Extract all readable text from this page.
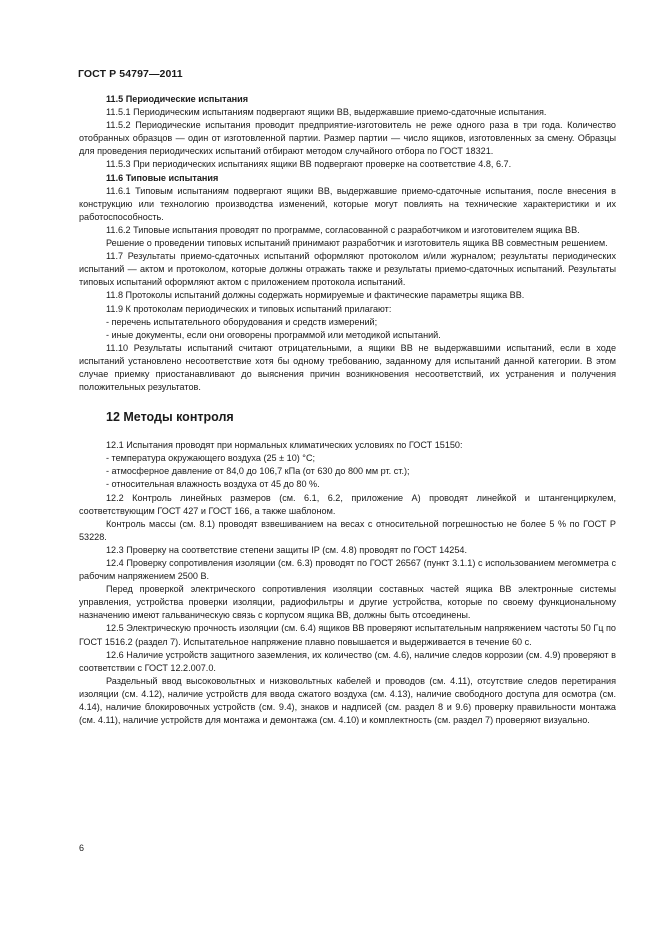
ГОСТ Р 54797—2011
11.5 Периодические испытания
11.5.1 Периодическим испытаниям подвергают ящики ВВ, выдержавшие приемо-сдаточные испытания.
11.5.2 Периодические испытания проводит предприятие-изготовитель не реже одного раза в три года. Количество отобранных образцов — один от изготовленной партии. Размер партии — число ящиков, изготовленных за смену. Образцы для проведения периодических испытаний отбирают методом случайного отбора по ГОСТ 18321.
11.5.3 При периодических испытаниях ящики ВВ подвергают проверке на соответствие 4.8, 6.7.
11.6 Типовые испытания
11.6.1 Типовым испытаниям подвергают ящики ВВ, выдержавшие приемо-сдаточные испытания, после внесения в конструкцию или технологию производства изменений, которые могут повлиять на технические характеристики и их работоспособность.
11.6.2 Типовые испытания проводят по программе, согласованной с разработчиком и изготовителем ящика ВВ.
Решение о проведении типовых испытаний принимают разработчик и изготовитель ящика ВВ совместным решением.
11.7 Результаты приемо-сдаточных испытаний оформляют протоколом и/или журналом; результаты периодических испытаний — актом и протоколом, которые должны отражать также и результаты приемо-сдаточных испытаний. Результаты типовых испытаний оформляют актом с приложением протокола испытаний.
11.8 Протоколы испытаний должны содержать нормируемые и фактические параметры ящика ВВ.
11.9 К протоколам периодических и типовых испытаний прилагают:
- перечень испытательного оборудования и средств измерений;
- иные документы, если они оговорены программой или методикой испытаний.
11.10 Результаты испытаний считают отрицательными, а ящики ВВ не выдержавшими испытаний, если в ходе испытаний установлено несоответствие хотя бы одному требованию, заданному для испытаний данной категории. В этом случае приемку приостанавливают до выяснения причин возникновения несоответствий, их устранения и получения положительных результатов.
12 Методы контроля
12.1 Испытания проводят при нормальных климатических условиях по ГОСТ 15150:
- температура окружающего воздуха (25 ± 10) °С;
- атмосферное давление от 84,0 до 106,7 кПа (от 630 до 800 мм рт. ст.);
- относительная влажность воздуха от 45 до 80 %.
12.2 Контроль линейных размеров (см. 6.1, 6.2, приложение А) проводят линейкой и штангенциркулем, соответствующим ГОСТ 427 и ГОСТ 166, а также шаблоном.
Контроль массы (см. 8.1) проводят взвешиванием на весах с относительной погрешностью не более 5 % по ГОСТ Р 53228.
12.3 Проверку на соответствие степени защиты IP (см. 4.8) проводят по ГОСТ 14254.
12.4 Проверку сопротивления изоляции (см. 6.3) проводят по ГОСТ 26567 (пункт 3.1.1) с использованием мегомметра с рабочим напряжением 2500 В.
Перед проверкой электрического сопротивления изоляции составных частей ящика ВВ электронные системы управления, устройства проверки изоляции, радиофильтры и другие устройства, которые по своему функциональному назначению имеют гальваническую связь с корпусом ящика ВВ, должны быть отсоединены.
12.5 Электрическую прочность изоляции (см. 6.4) ящиков ВВ проверяют испытательным напряжением частоты 50 Гц по ГОСТ 1516.2 (раздел 7). Испытательное напряжение плавно повышается и выдерживается в течение 60 с.
12.6 Наличие устройств защитного заземления, их количество (см. 4.6), наличие следов коррозии (см. 4.9) проверяют в соответствии с ГОСТ 12.2.007.0.
Раздельный ввод высоковольтных и низковольтных кабелей и проводов (см. 4.11), отсутствие следов перетирания изоляции (см. 4.12), наличие устройств для ввода сжатого воздуха (см. 4.13), наличие свободного доступа для осмотра (см. 4.14), наличие блокировочных устройств (см. 9.4), знаков и надписей (см. раздел 8 и 9.6) проверку правильности монтажа (см. 4.11), наличие устройств для монтажа и демонтажа (см. 4.10) и комплектность (см. раздел 7) проверяют визуально.
6
